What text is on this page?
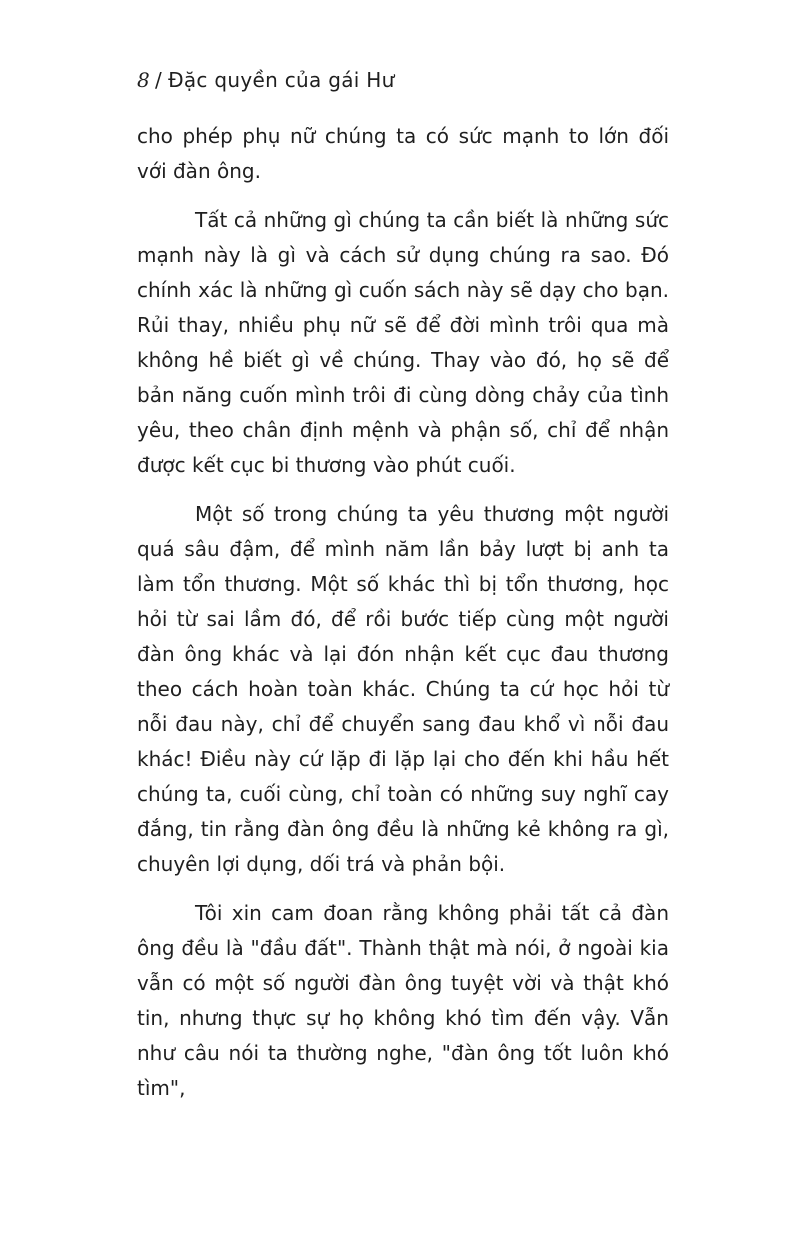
8 / Đặc quyền của gái Hư

cho phép phụ nữ chúng ta có sức mạnh to lớn đối với đàn ông.

Tất cả những gì chúng ta cần biết là những sức mạnh này là gì và cách sử dụng chúng ra sao. Đó chính xác là những gì cuốn sách này sẽ dạy cho bạn. Rủi thay, nhiều phụ nữ sẽ để đời mình trôi qua mà không hề biết gì về chúng. Thay vào đó, họ sẽ để bản năng cuốn mình trôi đi cùng dòng chảy của tình yêu, theo chân định mệnh và phận số, chỉ để nhận được kết cục bi thương vào phút cuối.

Một số trong chúng ta yêu thương một người quá sâu đậm, để mình năm lần bảy lượt bị anh ta làm tổn thương. Một số khác thì bị tổn thương, học hỏi từ sai lầm đó, để rồi bước tiếp cùng một người đàn ông khác và lại đón nhận kết cục đau thương theo cách hoàn toàn khác. Chúng ta cứ học hỏi từ nỗi đau này, chỉ để chuyển sang đau khổ vì nỗi đau khác! Điều này cứ lặp đi lặp lại cho đến khi hầu hết chúng ta, cuối cùng, chỉ toàn có những suy nghĩ cay đắng, tin rằng đàn ông đều là những kẻ không ra gì, chuyên lợi dụng, dối trá và phản bội.

Tôi xin cam đoan rằng không phải tất cả đàn ông đều là "đầu đất". Thành thật mà nói, ở ngoài kia vẫn có một số người đàn ông tuyệt vời và thật khó tin, nhưng thực sự họ không khó tìm đến vậy. Vẫn như câu nói ta thường nghe, "đàn ông tốt luôn khó tìm",
